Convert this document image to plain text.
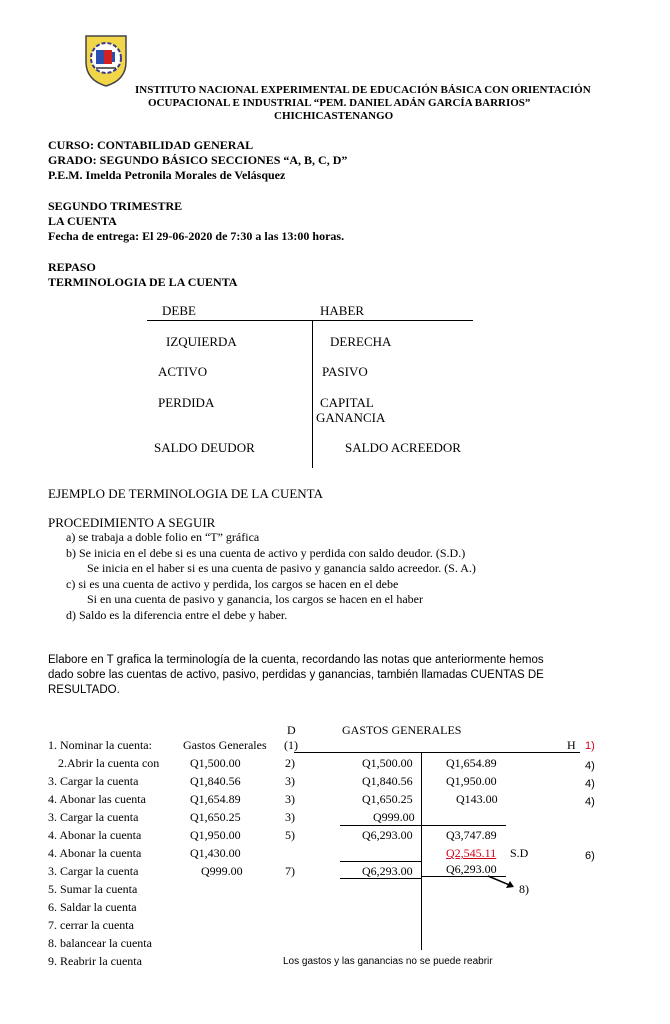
INSTITUTO NACIONAL EXPERIMENTAL DE EDUCACIÓN BÁSICA CON ORIENTACIÓN
OCUPACIONAL E INDUSTRIAL “PEM. DANIEL ADÁN GARCÍA BARRIOS”
CHICHICASTENANGO
CURSO: CONTABILIDAD GENERAL
GRADO: SEGUNDO BÁSICO SECCIONES “A, B, C, D”
P.E.M. Imelda Petronila Morales de Velásquez
SEGUNDO TRIMESTRE
LA CUENTA
Fecha de entrega: El 29-06-2020 de 7:30 a las 13:00 horas.
REPASO
TERMINOLOGIA DE LA CUENTA
DEBE	HABER
IZQUIERDA
ACTIVO
PERDIDA
SALDO DEUDOR
DERECHA
PASIVO
CAPITAL
GANANCIA
SALDO ACREEDOR
EJEMPLO DE TERMINOLOGIA DE LA CUENTA
PROCEDIMIENTO A SEGUIR
a) se trabaja a doble folio en “T” gráfica
b) Se inicia en el debe si es una cuenta de activo y perdida con saldo deudor. (S.D.)
Se inicia en el haber si es una cuenta de pasivo y ganancia saldo acreedor. (S. A.)
c) si es una cuenta de activo y perdida, los cargos se hacen en el debe
Si en una cuenta de pasivo y ganancia, los cargos se hacen en el haber
d) Saldo es la diferencia entre el debe y haber.
Elabore en T grafica la terminología de la cuenta, recordando las notas que anteriormente hemos
dado sobre las cuentas de activo, pasivo, perdidas y ganancias, también llamadas CUENTAS DE
RESULTADO.
D	GASTOS GENERALES
H 1)
1. Nominar la cuenta:
2.Abrir la cuenta con
3. Cargar la cuenta
4. Abonar las cuenta
3. Cargar la cuenta
4. Abonar la cuenta
4. Abonar la cuenta
3. Cargar la cuenta
5. Sumar la cuenta
6. Saldar la cuenta
7. cerrar la cuenta
8. balancear la cuenta
9. Reabrir la cuenta
Gastos Generales
Q1,500.00
Q1,840.56
Q1,654.89
Q1,650.25
Q1,950.00
Q1,430.00
Q999.00
(1)
2)
3)
3)
3)
5)
7)
Q1,500.00
Q1,840.56
Q1,650.25
Q999.00
Q6,293.00
Q6,293.00
Q1,654.89
Q1,950.00
Q143.00
Q3,747.89
Q2,545.11 S.D
Q6,293.00
4)
4)
4)
6)
8)
Los gastos y las ganancias no se puede reabrir
